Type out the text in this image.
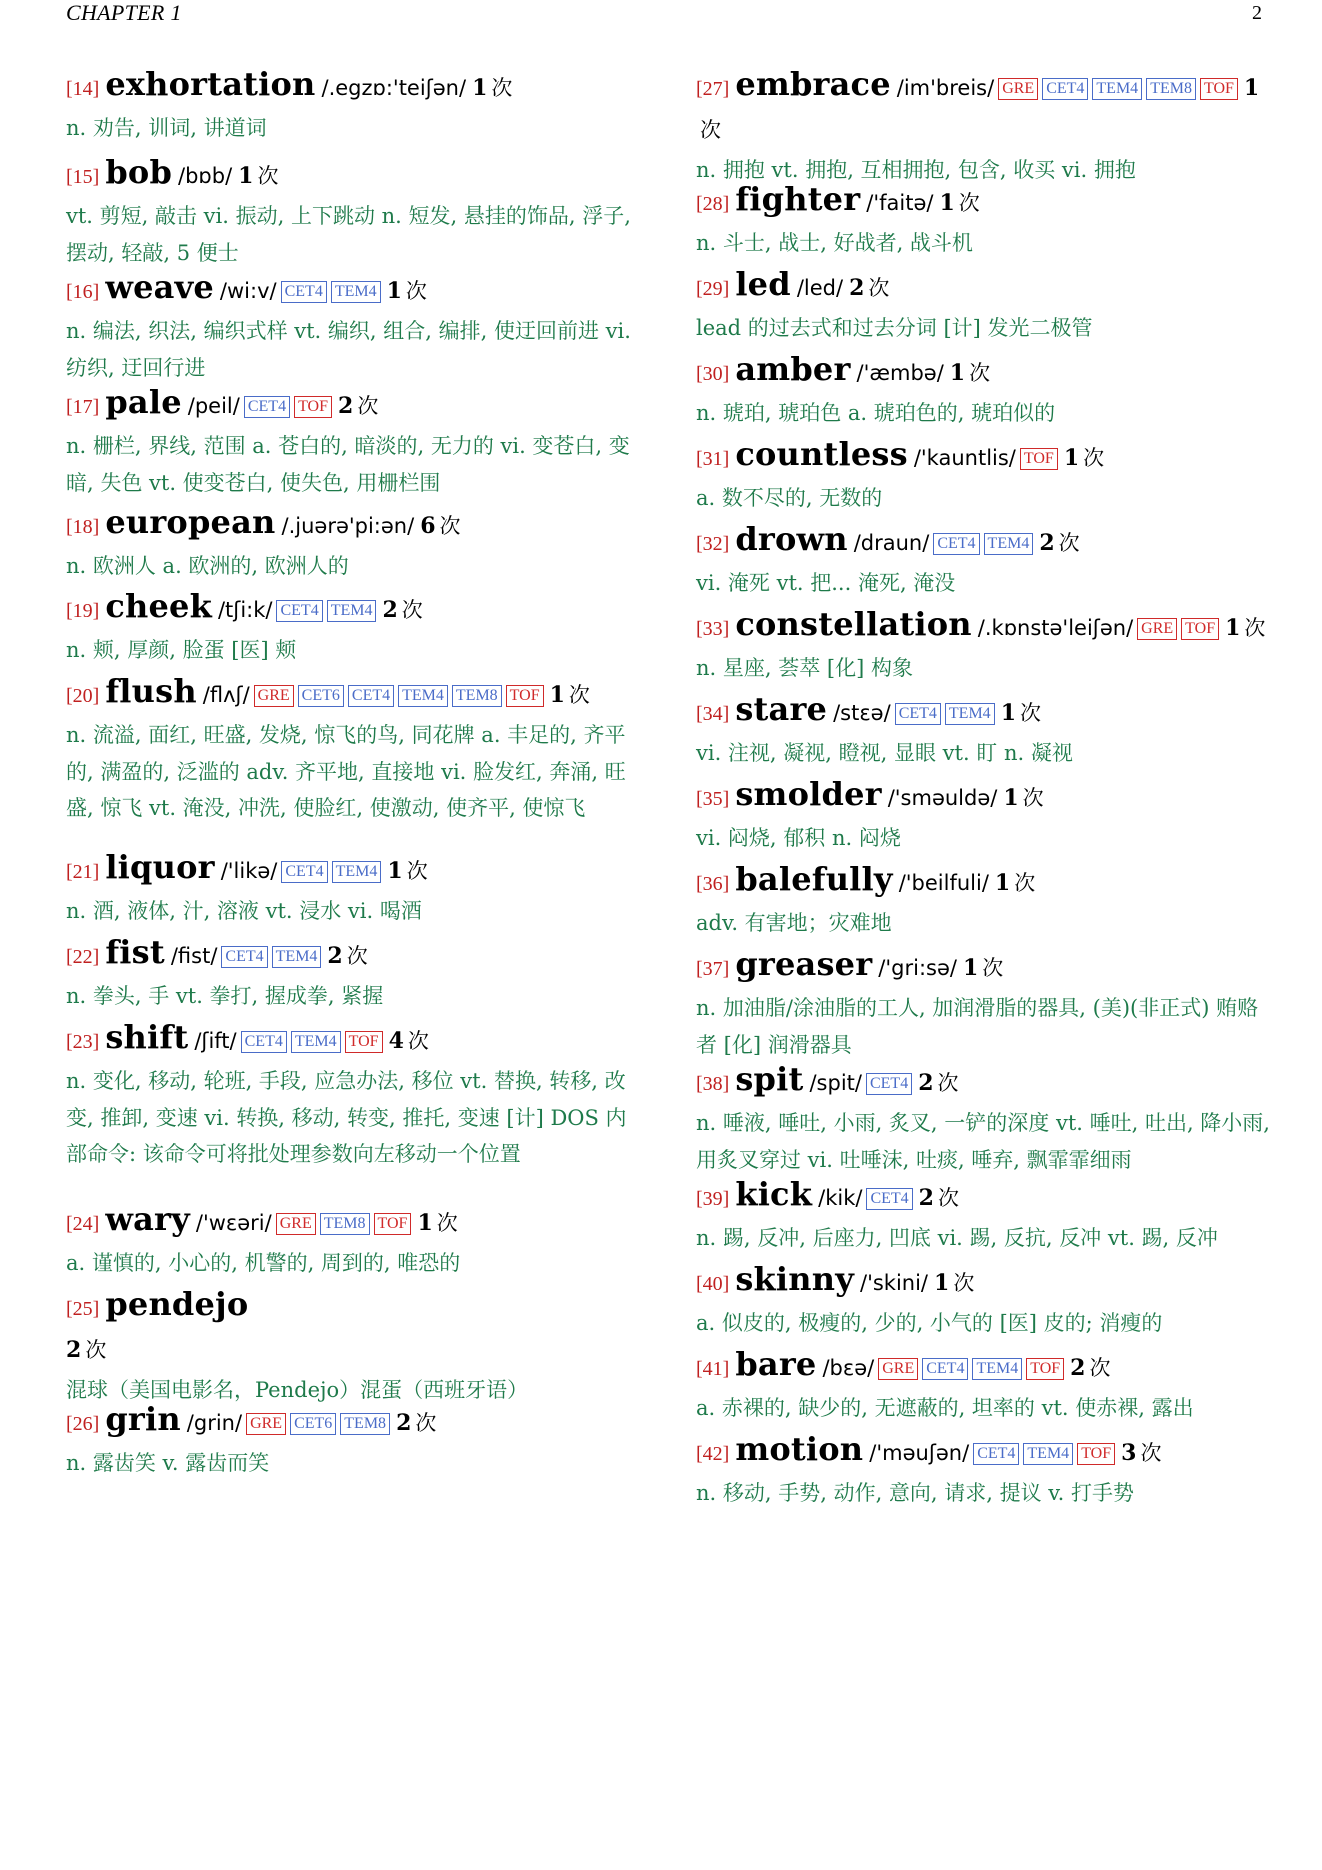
CHAPTER 1	2
[14] exhortation /.egzɒ:'teiʃən/ 1 次

n. 劝告, 训词, 讲道词

[15] bob /bɒb/ 1 次

vt. 剪短, 敲击 vi. 振动, 上下跳动 n. 短发, 悬挂的饰品, 浮子, 摆动, 轻敲, 5 便士

[16] weave /wi:v/ CET4 TEM4 1 次

n. 编法, 织法, 编织式样 vt. 编织, 组合, 编排, 使迂回前进 vi. 纺织, 迂回行进

[17] pale /peil/ CET4 TOF 2 次

n. 栅栏, 界线, 范围 a. 苍白的, 暗淡的, 无力的 vi. 变苍白, 变暗, 失色 vt. 使变苍白, 使失色, 用栅栏围

[18] european /.juərə'pi:ən/ 6 次

n. 欧洲人 a. 欧洲的, 欧洲人的

[19] cheek /tʃi:k/ CET4 TEM4 2 次

n. 颊, 厚颜, 脸蛋 [医] 颊

[20] flush /flʌʃ/ GRE CET6 CET4 TEM4 TEM8 TOF 1 次

n. 流溢, 面红, 旺盛, 发烧, 惊飞的鸟, 同花牌 a. 丰足的, 齐平的, 满盈的, 泛滥的 adv. 齐平地, 直接地 vi. 脸发红, 奔涌, 旺盛, 惊飞 vt. 淹没, 冲洗, 使脸红, 使激动, 使齐平, 使惊飞

[21] liquor /'likə/ CET4 TEM4 1 次

n. 酒, 液体, 汁, 溶液 vt. 浸水 vi. 喝酒

[22] fist /fist/ CET4 TEM4 2 次

n. 拳头, 手 vt. 拳打, 握成拳, 紧握

[23] shift /ʃift/ CET4 TEM4 TOF 4 次

n. 变化, 移动, 轮班, 手段, 应急办法, 移位 vt. 替换, 转移, 改变, 推卸, 变速 vi. 转换, 移动, 转变, 推托, 变速 [计] DOS 内部命令: 该命令可将批处理参数向左移动一个位置

[24] wary /'wεəri/ GRE TEM8 TOF 1 次

a. 谨慎的, 小心的, 机警的, 周到的, 唯恐的

[25] pendejo
2 次

混球（美国电影名，Pendejo）混蛋（西班牙语）

[26] grin /grin/ GRE CET6 TEM8 2 次

n. 露齿笑 v. 露齿而笑

[27] embrace /im'breis/ GRE CET4 TEM4 TEM8 TOF 1次

n. 拥抱 vt. 拥抱, 互相拥抱, 包含, 收买 vi. 拥抱

[28] fighter /'faitə/ 1 次

n. 斗士, 战士, 好战者, 战斗机

[29] led /led/ 2 次

lead 的过去式和过去分词 [计] 发光二极管

[30] amber /'æmbə/ 1 次

n. 琥珀, 琥珀色 a. 琥珀色的, 琥珀似的

[31] countless /'kauntlis/ TOF 1 次

a. 数不尽的, 无数的

[32] drown /draun/ CET4 TEM4 2 次

vi. 淹死 vt. 把... 淹死, 淹没

[33] constellation /.kɒnstə'leiʃən/ GRE TOF 1 次

n. 星座, 荟萃 [化] 构象

[34] stare /stεə/ CET4 TEM4 1 次

vi. 注视, 凝视, 瞪视, 显眼 vt. 盯 n. 凝视

[35] smolder /'sməuldə/ 1 次

vi. 闷烧, 郁积 n. 闷烧

[36] balefully /'beilfuli/ 1 次

adv. 有害地；灾难地

[37] greaser /'gri:sə/ 1 次

n. 加油脂/涂油脂的工人, 加润滑脂的器具, (美)(非正式) 贿赂者 [化] 润滑器具

[38] spit /spit/ CET4 2 次

n. 唾液, 唾吐, 小雨, 炙叉, 一铲的深度 vt. 唾吐, 吐出, 降小雨, 用炙叉穿过 vi. 吐唾沫, 吐痰, 唾弃, 飘霏霏细雨

[39] kick /kik/ CET4 2 次

n. 踢, 反冲, 后座力, 凹底 vi. 踢, 反抗, 反冲 vt. 踢, 反冲

[40] skinny /'skini/ 1 次

a. 似皮的, 极瘦的, 少的, 小气的 [医] 皮的; 消瘦的

[41] bare /bεə/ GRE CET4 TEM4 TOF 2 次

a. 赤裸的, 缺少的, 无遮蔽的, 坦率的 vt. 使赤裸, 露出

[42] motion /'məuʃən/ CET4 TEM4 TOF 3 次

n. 移动, 手势, 动作, 意向, 请求, 提议 v. 打手势
